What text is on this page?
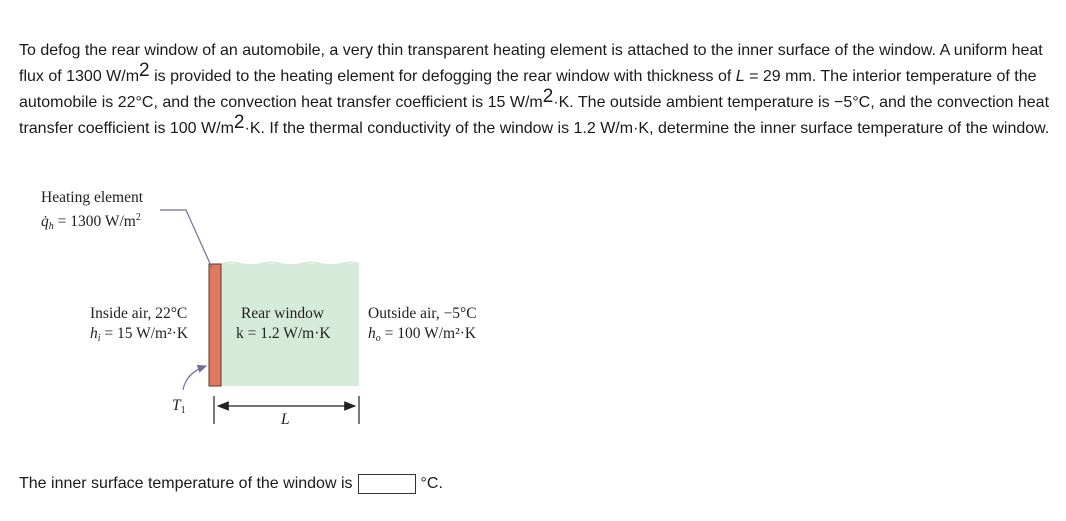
To defog the rear window of an automobile, a very thin transparent heating element is attached to the inner surface of the window. A uniform heat flux of 1300 $W/m^2$ is provided to the heating element for defogging the rear window with thickness of L = 29 mm. The interior temperature of the automobile is 22°C, and the convection heat transfer coefficient is 15 $W/m^2\cdot K$. The outside ambient temperature is −5°C, and the convection heat transfer coefficient is 100 $W/m^2\cdot K$. If the thermal conductivity of the window is 1.2 W/m·K, determine the inner surface temperature of the window.

Heating element
q̇h = 1300 $W/m^2$
Inside air, 22°C
hi = 15 W/m²·K
Rear window
k = 1.2 W/m·K
Outside air, −5°C
ho = 100 W/m²·K
T1
L
The inner surface temperature of the window is	°C.
